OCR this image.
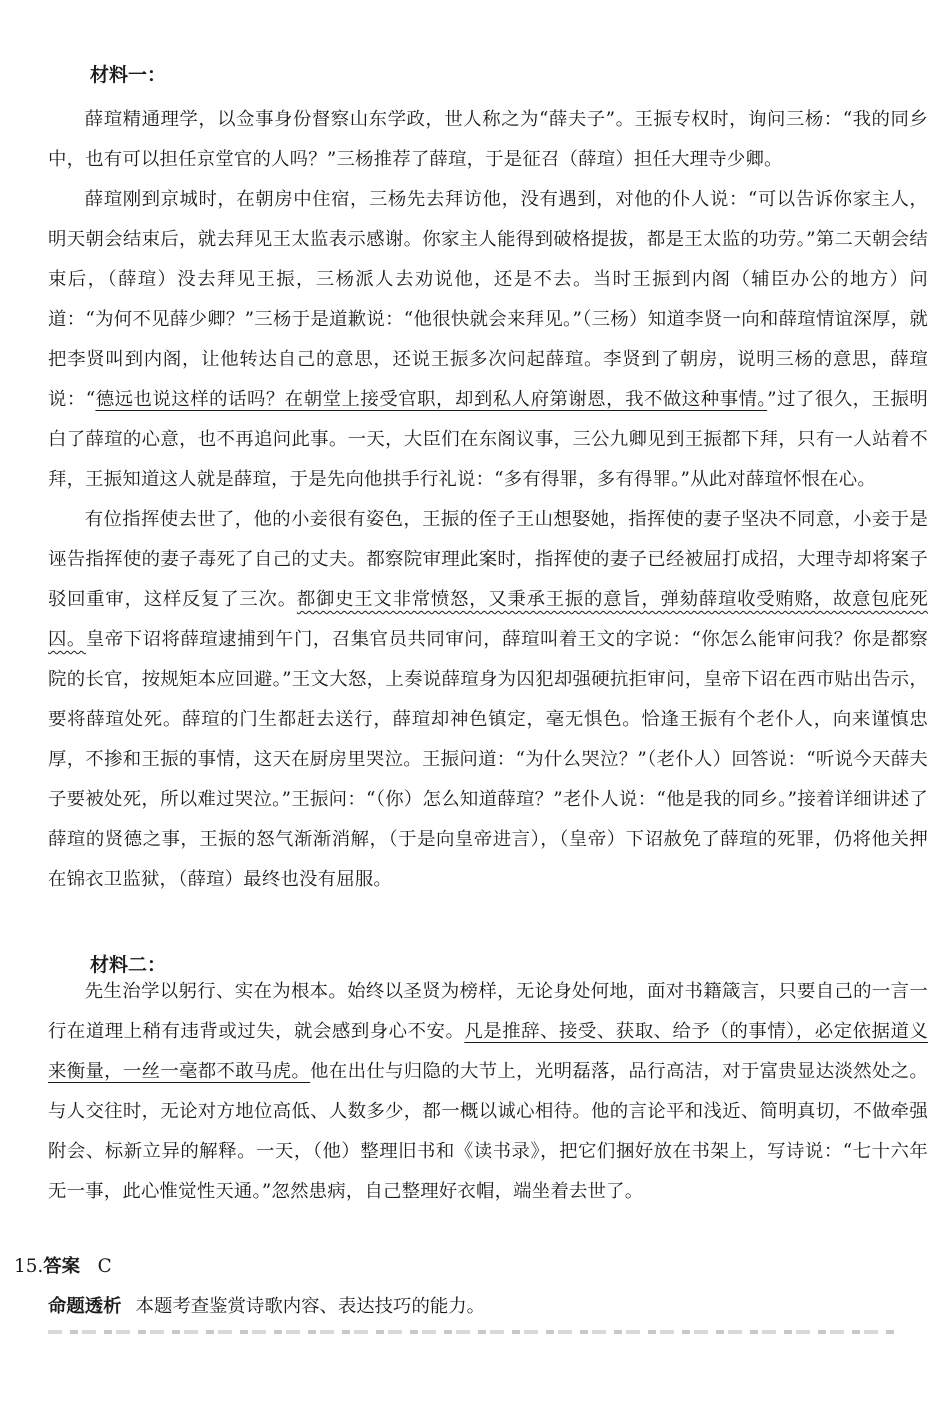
材料一：

薛瑄精通理学，以佥事身份督察山东学政，世人称之为“薛夫子”。王振专权时，询问三杨：“我的同乡中，也有可以担任京堂官的人吗？”三杨推荐了薛瑄，于是征召（薛瑄）担任大理寺少卿。

薛瑄刚到京城时，在朝房中住宿，三杨先去拜访他，没有遇到，对他的仆人说：“可以告诉你家主人，明天朝会结束后，就去拜见王太监表示感谢。你家主人能得到破格提拔，都是王太监的功劳。”第二天朝会结束后，（薛瑄）没去拜见王振，三杨派人去劝说他，还是不去。当时王振到内阁（辅臣办公的地方）问道：“为何不见薛少卿？”三杨于是道歉说：“他很快就会来拜见。”（三杨）知道李贤一向和薛瑄情谊深厚，就把李贤叫到内阁，让他转达自己的意思，还说王振多次问起薛瑄。李贤到了朝房，说明三杨的意思，薛瑄说：“德远也说这样的话吗？在朝堂上接受官职，却到私人府第谢恩，我不做这种事情。”过了很久，王振明白了薛瑄的心意，也不再追问此事。一天，大臣们在东阁议事，三公九卿见到王振都下拜，只有一人站着不拜，王振知道这人就是薛瑄，于是先向他拱手行礼说：“多有得罪，多有得罪。”从此对薛瑄怀恨在心。

有位指挥使去世了，他的小妾很有姿色，王振的侄子王山想娶她，指挥使的妻子坚决不同意，小妾于是诬告指挥使的妻子毒死了自己的丈夫。都察院审理此案时，指挥使的妻子已经被屈打成招，大理寺却将案子驳回重审，这样反复了三次。都御史王文非常愤怒，又秉承王振的意旨，弹劾薛瑄收受贿赂，故意包庇死囚。皇帝下诏将薛瑄逮捕到午门，召集官员共同审问，薛瑄叫着王文的字说：“你怎么能审问我？你是都察院的长官，按规矩本应回避。”王文大怒，上奏说薛瑄身为囚犯却强硬抗拒审问，皇帝下诏在西市贴出告示，要将薛瑄处死。薛瑄的门生都赶去送行，薛瑄却神色镇定，毫无惧色。恰逢王振有个老仆人，向来谨慎忠厚，不掺和王振的事情，这天在厨房里哭泣。王振问道：“为什么哭泣？”（老仆人）回答说：“听说今天薛夫子要被处死，所以难过哭泣。”王振问：“（你）怎么知道薛瑄？”老仆人说：“他是我的同乡。”接着详细讲述了薛瑄的贤德之事，王振的怒气渐渐消解，（于是向皇帝进言），（皇帝）下诏赦免了薛瑄的死罪，仍将他关押在锦衣卫监狱，（薛瑄）最终也没有屈服。

材料二：

先生治学以躬行、实在为根本。始终以圣贤为榜样，无论身处何地，面对书籍箴言，只要自己的一言一行在道理上稍有违背或过失，就会感到身心不安。凡是推辞、接受、获取、给予（的事情），必定依据道义来衡量，一丝一毫都不敢马虎。他在出仕与归隐的大节上，光明磊落，品行高洁，对于富贵显达淡然处之。与人交往时，无论对方地位高低、人数多少，都一概以诚心相待。他的言论平和浅近、简明真切，不做牵强附会、标新立异的解释。一天，（他）整理旧书和《读书录》，把它们捆好放在书架上，写诗说：“七十六年无一事，此心惟觉性天通。”忽然患病，自己整理好衣帽，端坐着去世了。

15.答案 C
命题透析 本题考查鉴赏诗歌内容、表达技巧的能力。
